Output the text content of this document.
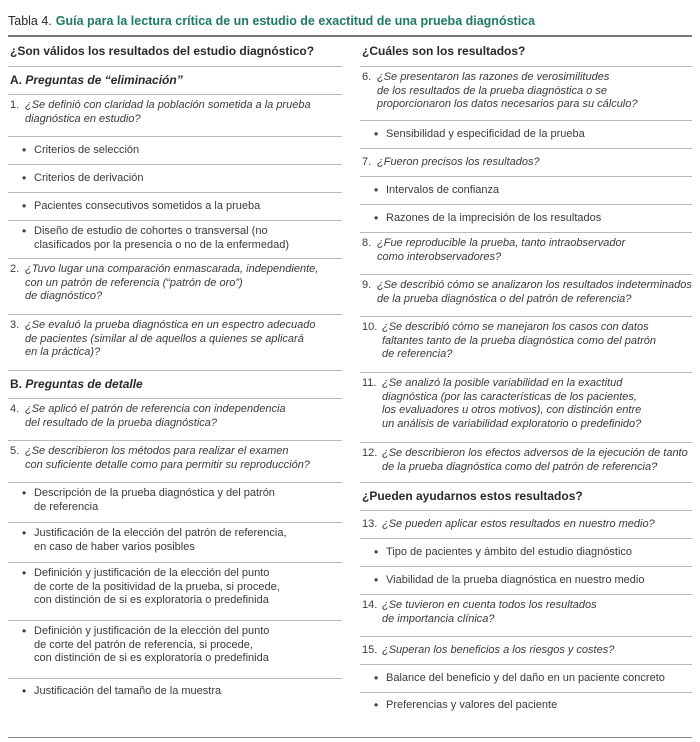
Tabla 4. Guía para la lectura crítica de un estudio de exactitud de una prueba diagnóstica
¿Son válidos los resultados del estudio diagnóstico?
A.
Preguntas de “eliminación”
1. ¿Se definió con claridad la población sometida a la prueba
diagnóstica en estudio?
• Criterios de selección
• Criterios de derivación
• Pacientes consecutivos sometidos a la prueba
• Diseño de estudio de cohortes o transversal (no
clasificados por la presencia o no de la enfermedad)
2. ¿Tuvo lugar una comparación enmascarada, independiente,
con un patrón de referencia (“patrón de oro”)
de diagnóstico?
3. ¿Se evaluó la prueba diagnóstica en un espectro adecuado
de pacientes (similar al de aquellos a quienes se aplicará
en la práctica)?
B.
Preguntas de detalle
4. ¿Se aplicó el patrón de referencia con independencia
del resultado de la prueba diagnóstica?
5. ¿Se describieron los métodos para realizar el examen
con suficiente detalle como para permitir su reproducción?
• Descripción de la prueba diagnóstica y del patrón
de referencia
• Justificación de la elección del patrón de referencia,
en caso de haber varios posibles
• Definición y justificación de la elección del punto
de corte de la positividad de la prueba, si procede,
con distinción de si es exploratoria o predefinida
• Definición y justificación de la elección del punto
de corte del patrón de referencia, si procede,
con distinción de si es exploratoria o predefinida
• Justificación del tamaño de la muestra
¿Cuáles son los resultados?
6. ¿Se presentaron las razones de verosimilitudes
de los resultados de la prueba diagnóstica o se
proporcionaron los datos necesarios para su cálculo?
• Sensibilidad y especificidad de la prueba
7. ¿Fueron precisos los resultados?
• Intervalos de confianza
• Razones de la imprecisión de los resultados
8. ¿Fue reproducible la prueba, tanto intraobservador
como interobservadores?
9. ¿Se describió cómo se analizaron los resultados indeterminados
de la prueba diagnóstica o del patrón de referencia?
10. ¿Se describió cómo se manejaron los casos con datos
faltantes tanto de la prueba diagnóstica como del patrón
de referencia?
11. ¿Se analizó la posible variabilidad en la exactitud
diagnóstica (por las características de los pacientes,
los evaluadores u otros motivos), con distinción entre
un análisis de variabilidad exploratorio o predefinido?
12. ¿Se describieron los efectos adversos de la ejecución de tanto
de la prueba diagnóstica como del patrón de referencia?
¿Pueden ayudarnos estos resultados?
13. ¿Se pueden aplicar estos resultados en nuestro medio?
• Tipo de pacientes y ámbito del estudio diagnóstico
• Viabilidad de la prueba diagnóstica en nuestro medio
14. ¿Se tuvieron en cuenta todos los resultados
de importancia clínica?
15. ¿Superan los beneficios a los riesgos y costes?
• Balance del beneficio y del daño en un paciente concreto
• Preferencias y valores del paciente
